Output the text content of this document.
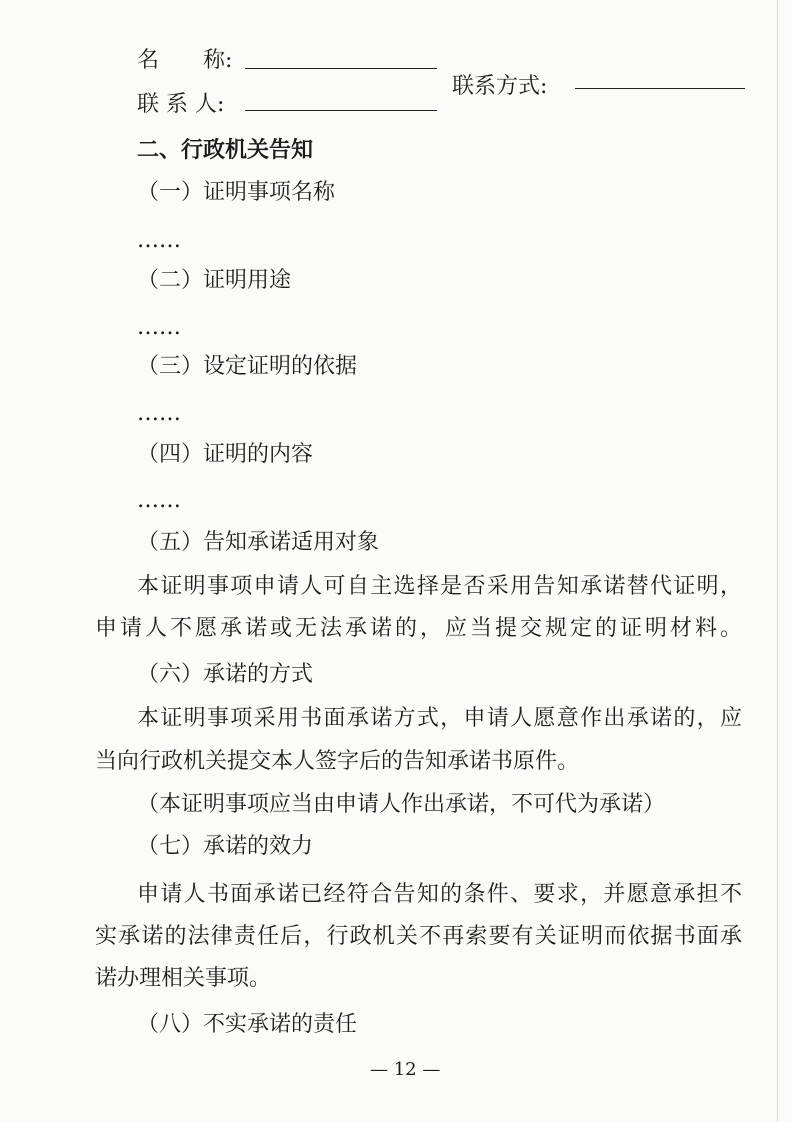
名　　称:
联系方式:
联 系 人:
二、行政机关告知
（一）证明事项名称
……
（二）证明用途
……
（三）设定证明的依据
……
（四）证明的内容
……
（五）告知承诺适用对象
本证明事项申请人可自主选择是否采用告知承诺替代证明，
申请人不愿承诺或无法承诺的，应当提交规定的证明材料。
（六）承诺的方式
本证明事项采用书面承诺方式，申请人愿意作出承诺的，应
当向行政机关提交本人签字后的告知承诺书原件。
（本证明事项应当由申请人作出承诺，不可代为承诺）
（七）承诺的效力
申请人书面承诺已经符合告知的条件、要求，并愿意承担不
实承诺的法律责任后，行政机关不再索要有关证明而依据书面承
诺办理相关事项。
（八）不实承诺的责任
— 12 —
